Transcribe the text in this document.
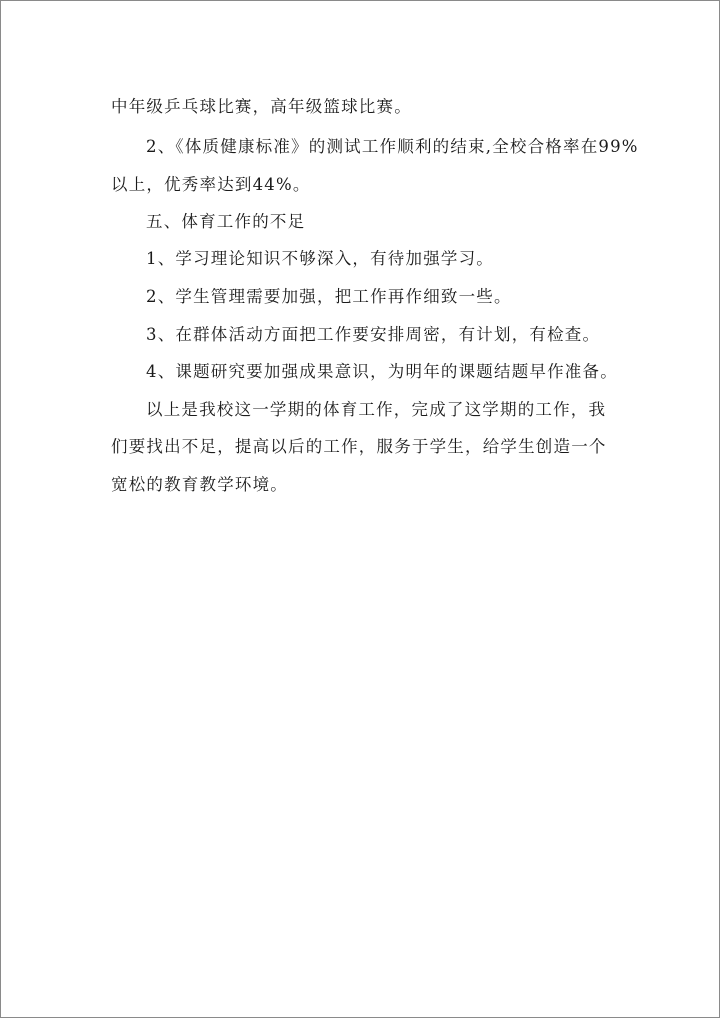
中年级乒乓球比赛，高年级篮球比赛。
2、《体质健康标准》的测试工作顺利的结束,全校合格率在99%
以上，优秀率达到44%。
五、体育工作的不足
1、学习理论知识不够深入，有待加强学习。
2、学生管理需要加强，把工作再作细致一些。
3、在群体活动方面把工作要安排周密，有计划，有检查。
4、课题研究要加强成果意识，为明年的课题结题早作准备。
以上是我校这一学期的体育工作，完成了这学期的工作，我
们要找出不足，提高以后的工作，服务于学生，给学生创造一个
宽松的教育教学环境。
